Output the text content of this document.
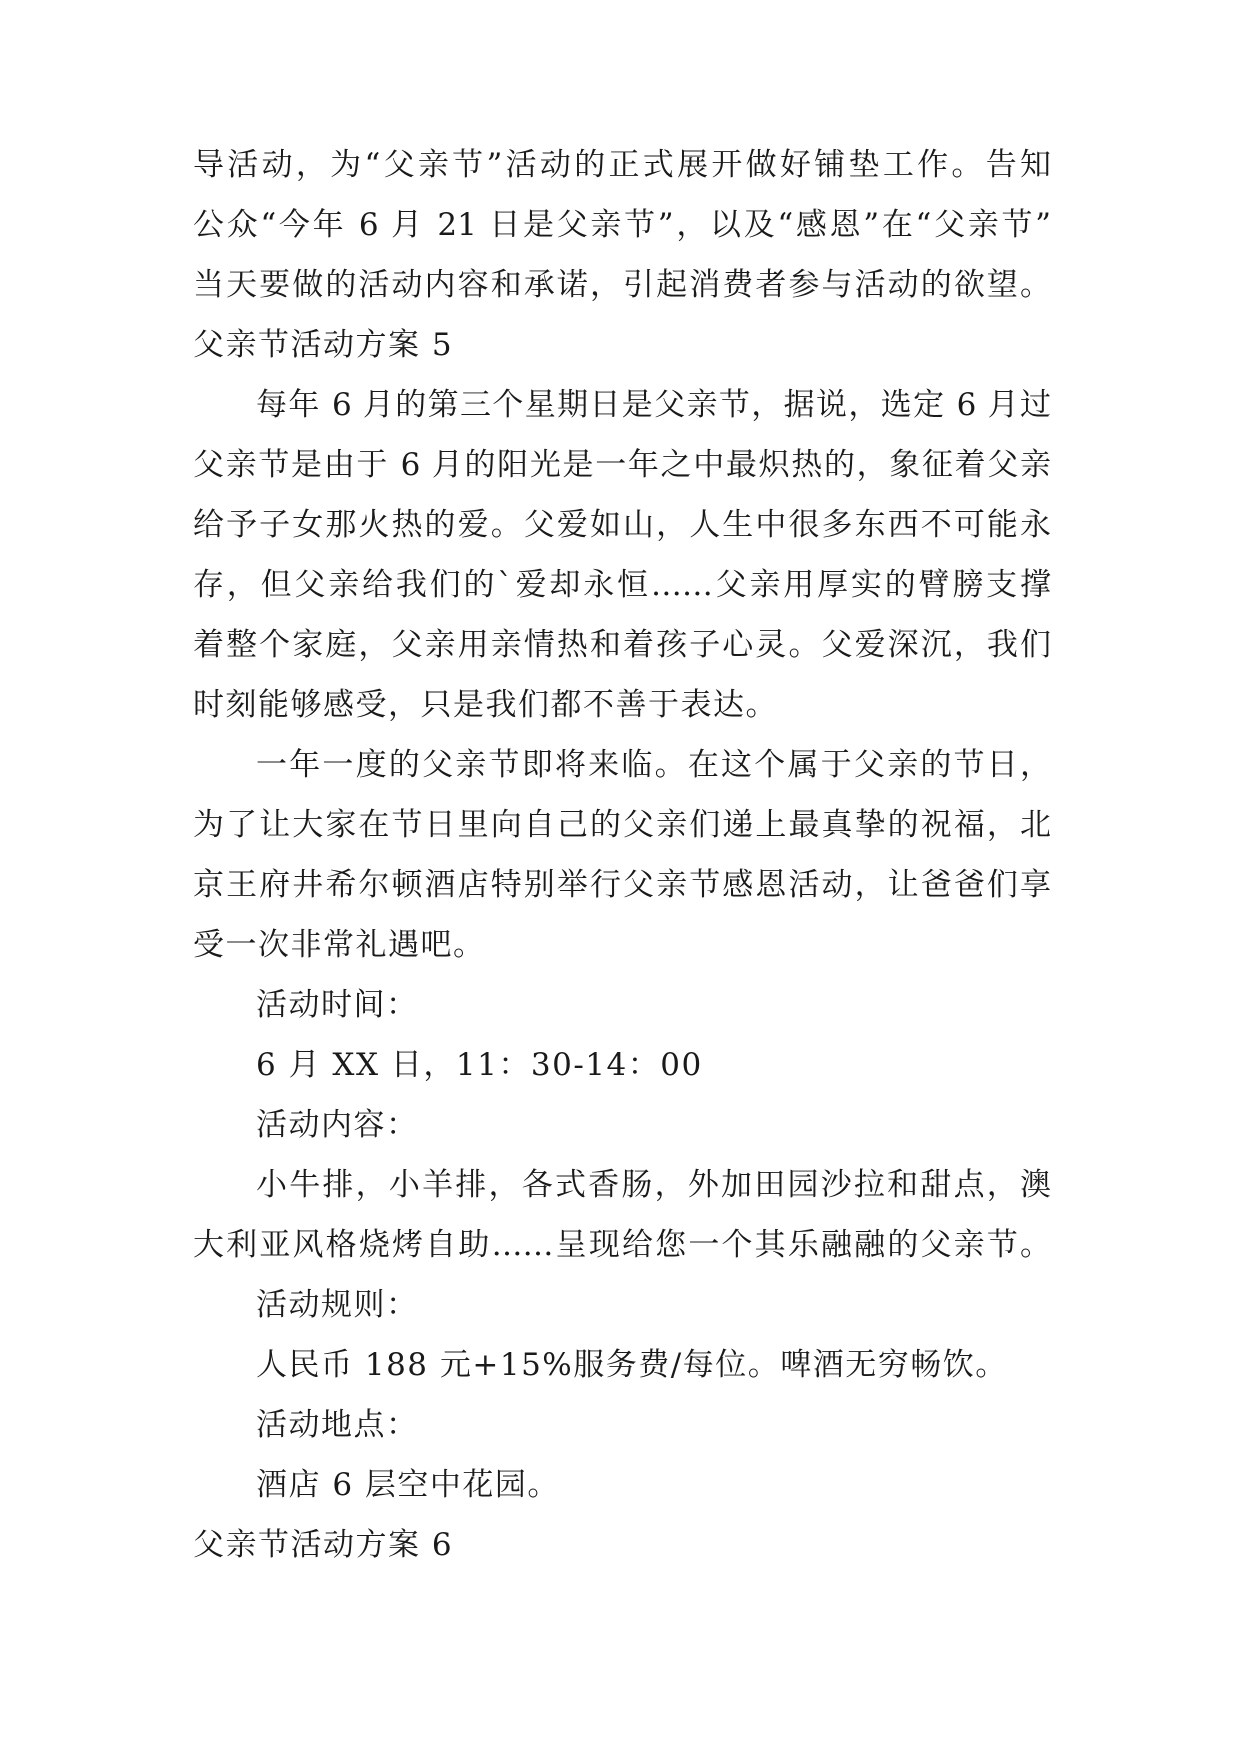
导活动，为“父亲节”活动的正式展开做好铺垫工作。告知
公众“今年 6 月 21 日是父亲节”，以及“感恩”在“父亲节”
当天要做的活动内容和承诺，引起消费者参与活动的欲望。
父亲节活动方案 5
每年 6 月的第三个星期日是父亲节，据说，选定 6 月过
父亲节是由于 6 月的阳光是一年之中最炽热的，象征着父亲
给予子女那火热的爱。父爱如山，人生中很多东西不可能永
存，但父亲给我们的`爱却永恒……父亲用厚实的臂膀支撑
着整个家庭，父亲用亲情热和着孩子心灵。父爱深沉，我们
时刻能够感受，只是我们都不善于表达。
一年一度的父亲节即将来临。在这个属于父亲的节日，
为了让大家在节日里向自己的父亲们递上最真挚的祝福，北
京王府井希尔顿酒店特别举行父亲节感恩活动，让爸爸们享
受一次非常礼遇吧。
活动时间：
6 月 XX 日，11：30-14：00
活动内容：
小牛排，小羊排，各式香肠，外加田园沙拉和甜点，澳
大利亚风格烧烤自助……呈现给您一个其乐融融的父亲节。
活动规则：
人民币 188 元+15%服务费/每位。啤酒无穷畅饮。
活动地点：
酒店 6 层空中花园。
父亲节活动方案 6
